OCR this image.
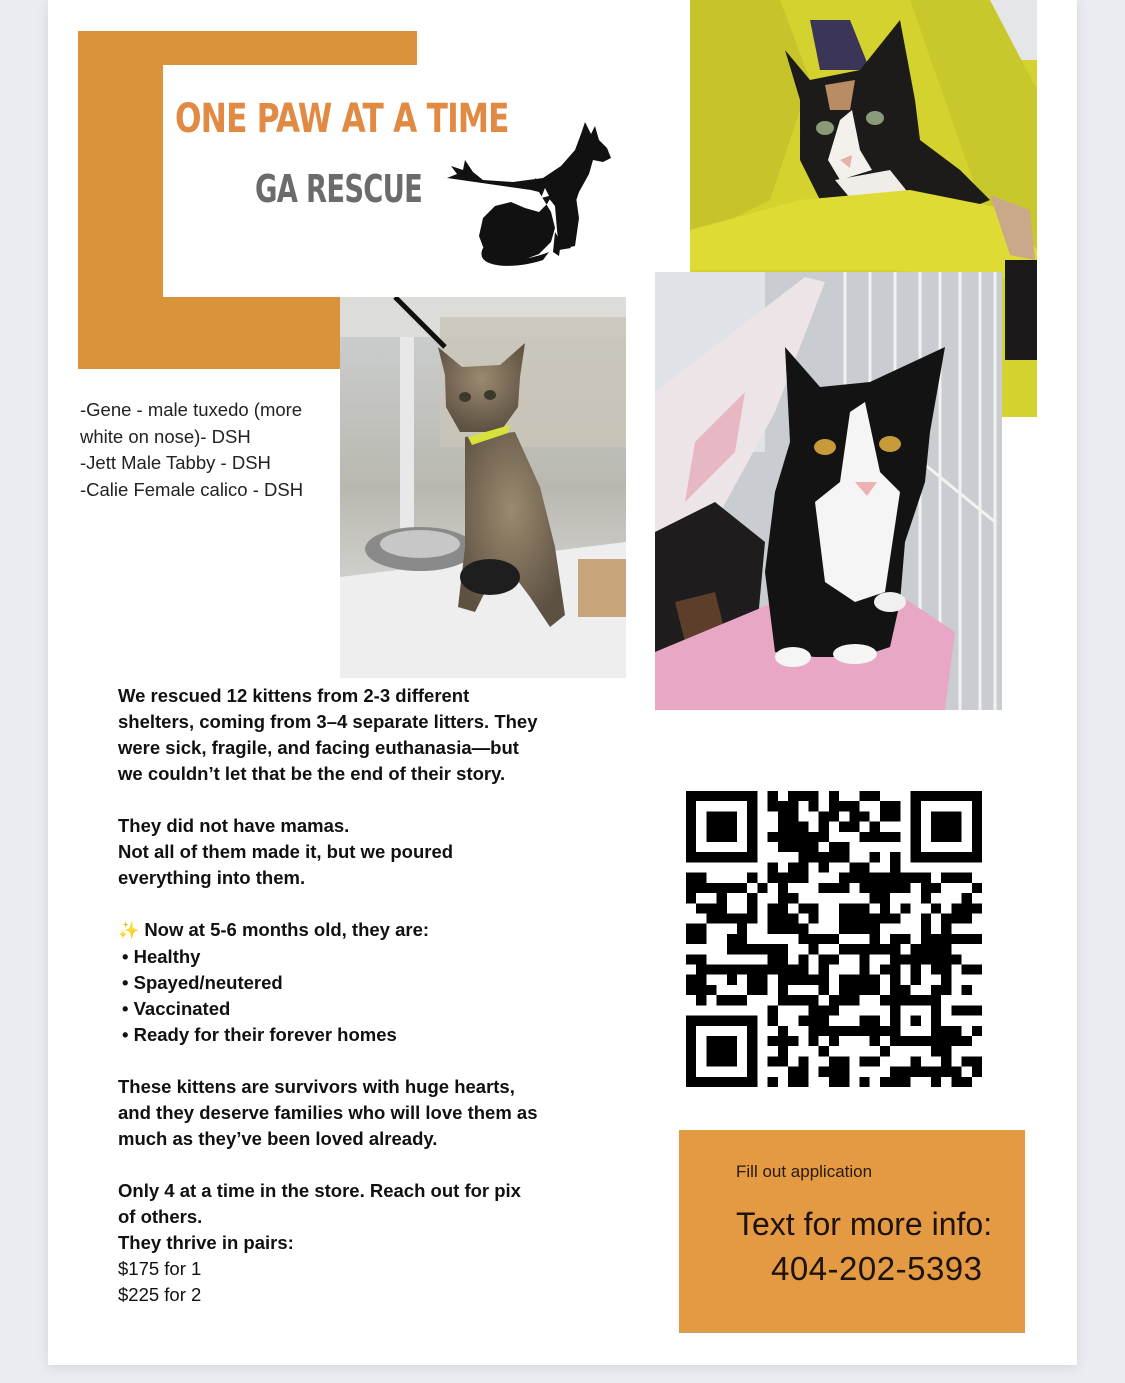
ONE PAW AT A TIME
GA RESCUE
-Gene - male tuxedo (more
white on nose)- DSH
-Jett Male Tabby - DSH
-Calie Female calico - DSH

We rescued 12 kittens from 2-3 different

shelters, coming from 3–4 separate litters. They

were sick, fragile, and facing euthanasia—but

we couldn’t let that be the end of their story.

They did not have mamas.

Not all of them made it, but we poured

everything into them.

✨ Now at 5-6 months old, they are:

• Healthy

• Spayed/neutered

• Vaccinated

• Ready for their forever homes

These kittens are survivors with huge hearts,

and they deserve families who will love them as

much as they’ve been loved already.

Only 4 at a time in the store. Reach out for pix

of others.

They thrive in pairs:

$175 for 1

$225 for 2

Fill out application
Text for more info:
404-202-5393
